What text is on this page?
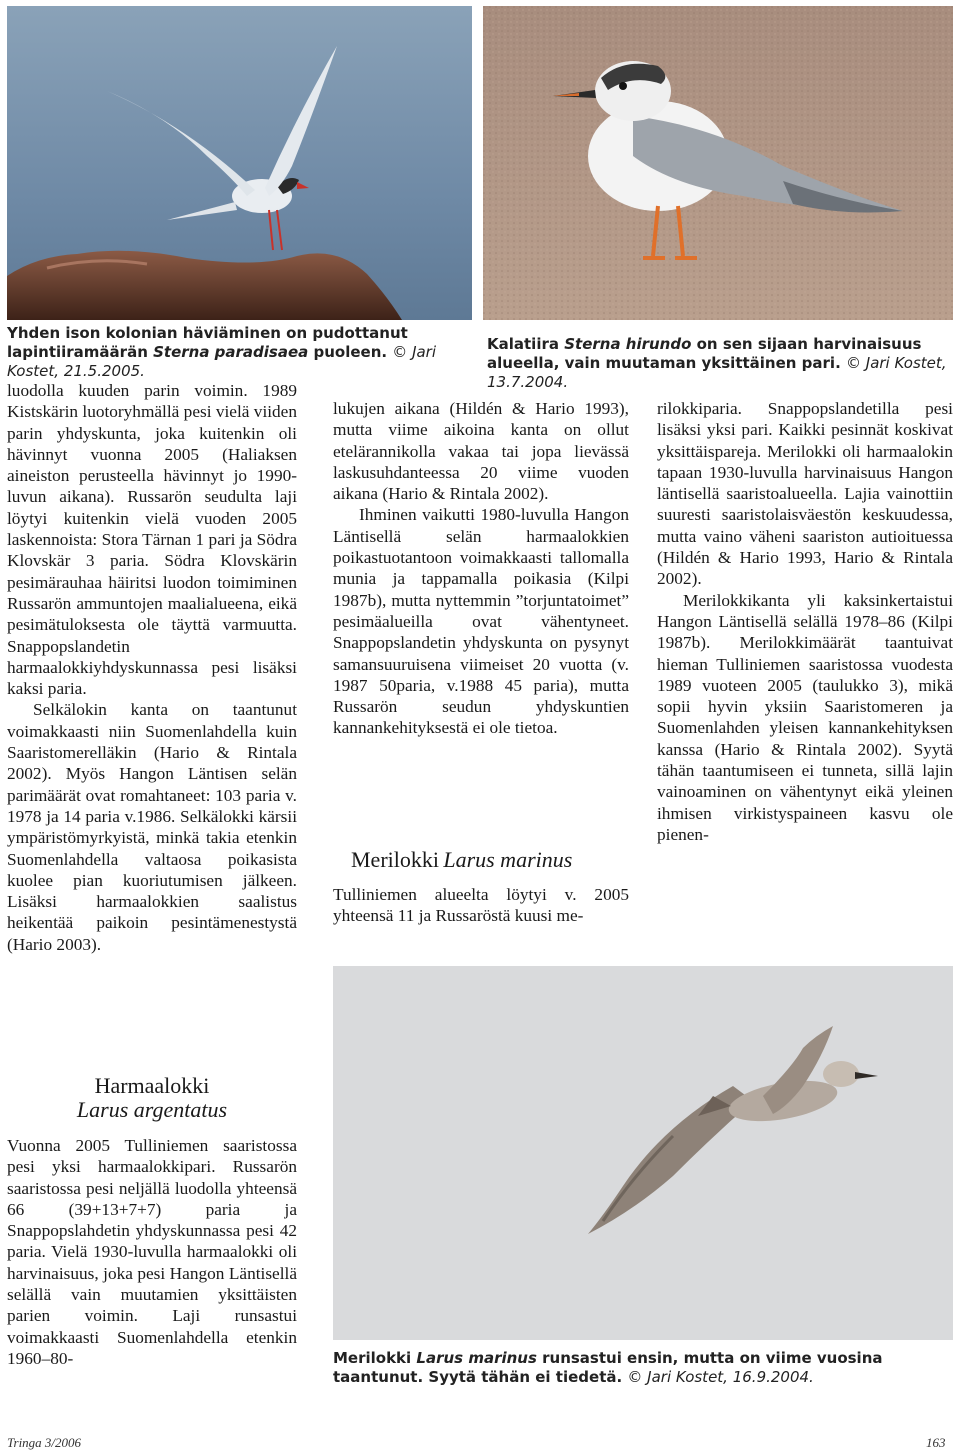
Yhden ison kolonian häviäminen on pudottanut lapintiiramäärän Sterna paradisaea puoleen. © Jari Kostet, 21.5.2005.
Kalatiira Sterna hirundo on sen sijaan harvinaisuus alueella, vain muutaman yksittäinen pari. © Jari Kostet, 13.7.2004.

luodolla kuuden parin voimin. 1989 Kistskärin luotoryhmällä pesi vielä viiden parin yhdyskunta, joka kuitenkin oli hävinnyt vuonna 2005 (Haliaksen aineiston perusteella hävinnyt jo 1990-luvun aikana). Russarön seudulta laji löytyi kuitenkin vielä vuoden 2005 laskennoista: Stora Tärnan 1 pari ja Södra Klovskär 3 paria. Södra Klovskärin pesimärauhaa häiritsi luodon toimiminen Russarön ammuntojen maalialueena, eikä pesimätuloksesta ole täyttä varmuutta. Snappopslandetin harmaalokkiyhdyskunnassa pesi lisäksi kaksi paria.

Selkälokin kanta on taantunut voimakkaasti niin Suomenlahdella kuin Saaristomerelläkin (Hario & Rintala 2002). Myös Hangon Läntisen selän parimäärät ovat romahtaneet: 103 paria v. 1978 ja 14 paria v.1986. Selkälokki kärsii ympäristömyrkyistä, minkä takia etenkin Suomenlahdella valtaosa poikasista kuolee pian kuoriutumisen jälkeen. Lisäksi harmaalokkien saalistus heikentää paikoin pesintämenestystä (Hario 2003).

Harmaalokki
Larus argentatus

Vuonna 2005 Tulliniemen saaristossa pesi yksi harmaalokkipari. Russarön saaristossa pesi neljällä luodolla yhteensä 66 (39+13+7+7) paria ja Snappopslahdetin yhdyskunnassa pesi 42 paria. Vielä 1930-luvulla harmaalokki oli harvinaisuus, joka pesi Hangon Läntisellä selällä vain muutamien yksittäisten parien voimin. Laji runsastui voimakkaasti Suomenlahdella etenkin 1960–80-

lukujen aikana (Hildén & Hario 1993), mutta viime aikoina kanta on ollut etelärannikolla vakaa tai jopa lievässä laskusuhdanteessa 20 viime vuoden aikana (Hario & Rintala 2002).

Ihminen vaikutti 1980-luvulla Hangon Läntisellä selän harmaalokkien poikastuotantoon voimakkaasti tallomalla munia ja tappamalla poikasia (Kilpi 1987b), mutta nyttemmin ”torjuntatoimet” pesimäalueilla ovat vähentyneet. Snappopslandetin yhdyskunta on pysynyt samansuuruisena viimeiset 20 vuotta (v. 1987 50paria, v.1988 45 paria), mutta Russarön seudun yhdyskuntien kannankehityksestä ei ole tietoa.

Merilokki Larus marinus

Tulliniemen alueelta löytyi v. 2005 yhteensä 11 ja Russaröstä kuusi me-

rilokkiparia. Snappopslandetilla pesi lisäksi yksi pari. Kaikki pesinnät koskivat yksittäispareja. Merilokki oli harmaalokin tapaan 1930-luvulla harvinaisuus Hangon läntisellä saaristoalueella. Lajia vainottiin suuresti saaristolaisväestön keskuudessa, mutta vaino väheni saariston autioituessa (Hildén & Hario 1993, Hario & Rintala 2002).

Merilokkikanta yli kaksinkertaistui Hangon Läntisellä selällä 1978–86 (Kilpi 1987b). Merilokkimäärät taantuivat hieman Tulliniemen saaristossa vuodesta 1989 vuoteen 2005 (taulukko 3), mikä sopii hyvin yksiin Saaristomeren ja Suomenlahden yleisen kannankehityksen kanssa (Hario & Rintala 2002). Syytä tähän taantumiseen ei tunneta, sillä lajin vainoaminen on vähentynyt eikä yleinen ihmisen virkistyspaineen kasvu ole pienen-

Merilokki Larus marinus runsastui ensin, mutta on viime vuosina taantunut. Syytä tähän ei tiedetä. © Jari Kostet, 16.9.2004.
Tringa 3/2006	163
